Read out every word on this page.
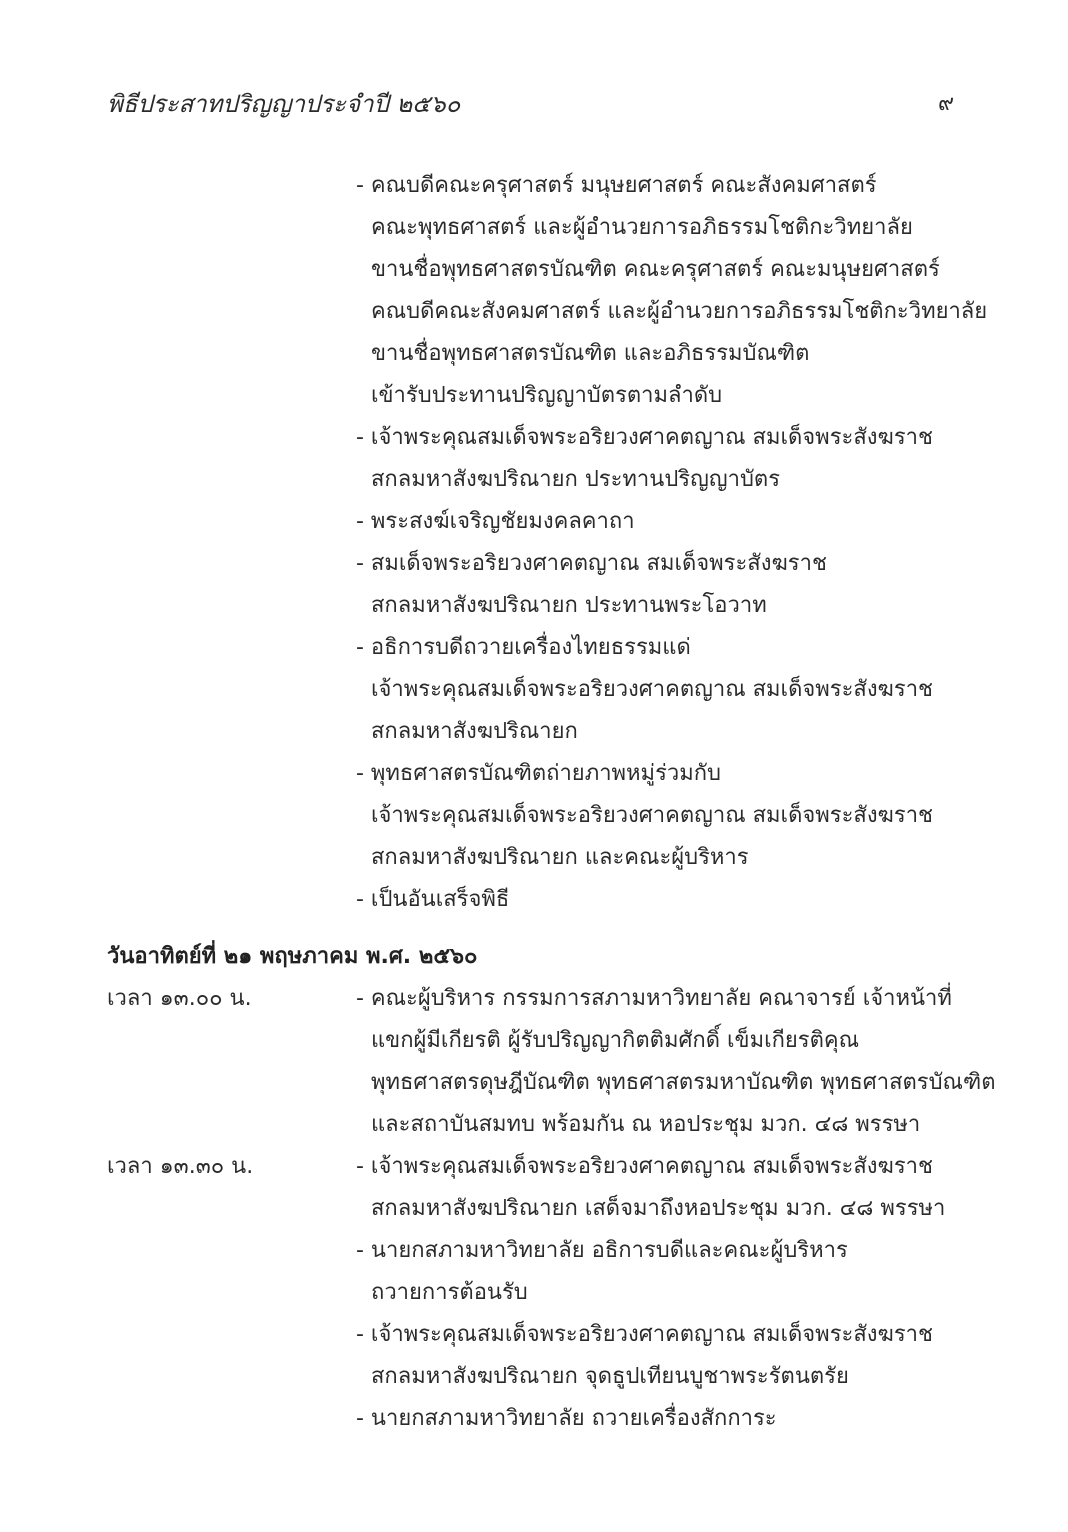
พิธีประสาทปริญญาประจำปี ๒๕๖๐	๙
- คณบดีคณะครุศาสตร์ มนุษยศาสตร์ คณะสังคมศาสตร์
คณะพุทธศาสตร์ และผู้อำนวยการอภิธรรมโชติกะวิทยาลัย
ขานชื่อพุทธศาสตรบัณฑิต คณะครุศาสตร์ คณะมนุษยศาสตร์
คณบดีคณะสังคมศาสตร์ และผู้อำนวยการอภิธรรมโชติกะวิทยาลัย
ขานชื่อพุทธศาสตรบัณฑิต และอภิธรรมบัณฑิต
เข้ารับประทานปริญญาบัตรตามลำดับ
- เจ้าพระคุณสมเด็จพระอริยวงศาคตญาณ สมเด็จพระสังฆราช
สกลมหาสังฆปริณายก ประทานปริญญาบัตร
- พระสงฆ์เจริญชัยมงคลคาถา
- สมเด็จพระอริยวงศาคตญาณ สมเด็จพระสังฆราช
สกลมหาสังฆปริณายก ประทานพระโอวาท
- อธิการบดีถวายเครื่องไทยธรรมแด่
เจ้าพระคุณสมเด็จพระอริยวงศาคตญาณ สมเด็จพระสังฆราช
สกลมหาสังฆปริณายก
- พุทธศาสตรบัณฑิตถ่ายภาพหมู่ร่วมกับ
เจ้าพระคุณสมเด็จพระอริยวงศาคตญาณ สมเด็จพระสังฆราช
สกลมหาสังฆปริณายก และคณะผู้บริหาร
- เป็นอันเสร็จพิธี
วันอาทิตย์ที่ ๒๑ พฤษภาคม พ.ศ. ๒๕๖๐
เวลา ๑๓.๐๐ น.	- คณะผู้บริหาร กรรมการสภามหาวิทยาลัย คณาจารย์ เจ้าหน้าที่
แขกผู้มีเกียรติ ผู้รับปริญญากิตติมศักดิ์ เข็มเกียรติคุณ
พุทธศาสตรดุษฎีบัณฑิต พุทธศาสตรมหาบัณฑิต พุทธศาสตรบัณฑิต
และสถาบันสมทบ พร้อมกัน ณ หอประชุม มวก. ๔๘ พรรษา
เวลา ๑๓.๓๐ น.	- เจ้าพระคุณสมเด็จพระอริยวงศาคตญาณ สมเด็จพระสังฆราช
สกลมหาสังฆปริณายก เสด็จมาถึงหอประชุม มวก. ๔๘ พรรษา
- นายกสภามหาวิทยาลัย อธิการบดีและคณะผู้บริหาร
ถวายการต้อนรับ
- เจ้าพระคุณสมเด็จพระอริยวงศาคตญาณ สมเด็จพระสังฆราช
สกลมหาสังฆปริณายก จุดธูปเทียนบูชาพระรัตนตรัย
- นายกสภามหาวิทยาลัย ถวายเครื่องสักการะ
